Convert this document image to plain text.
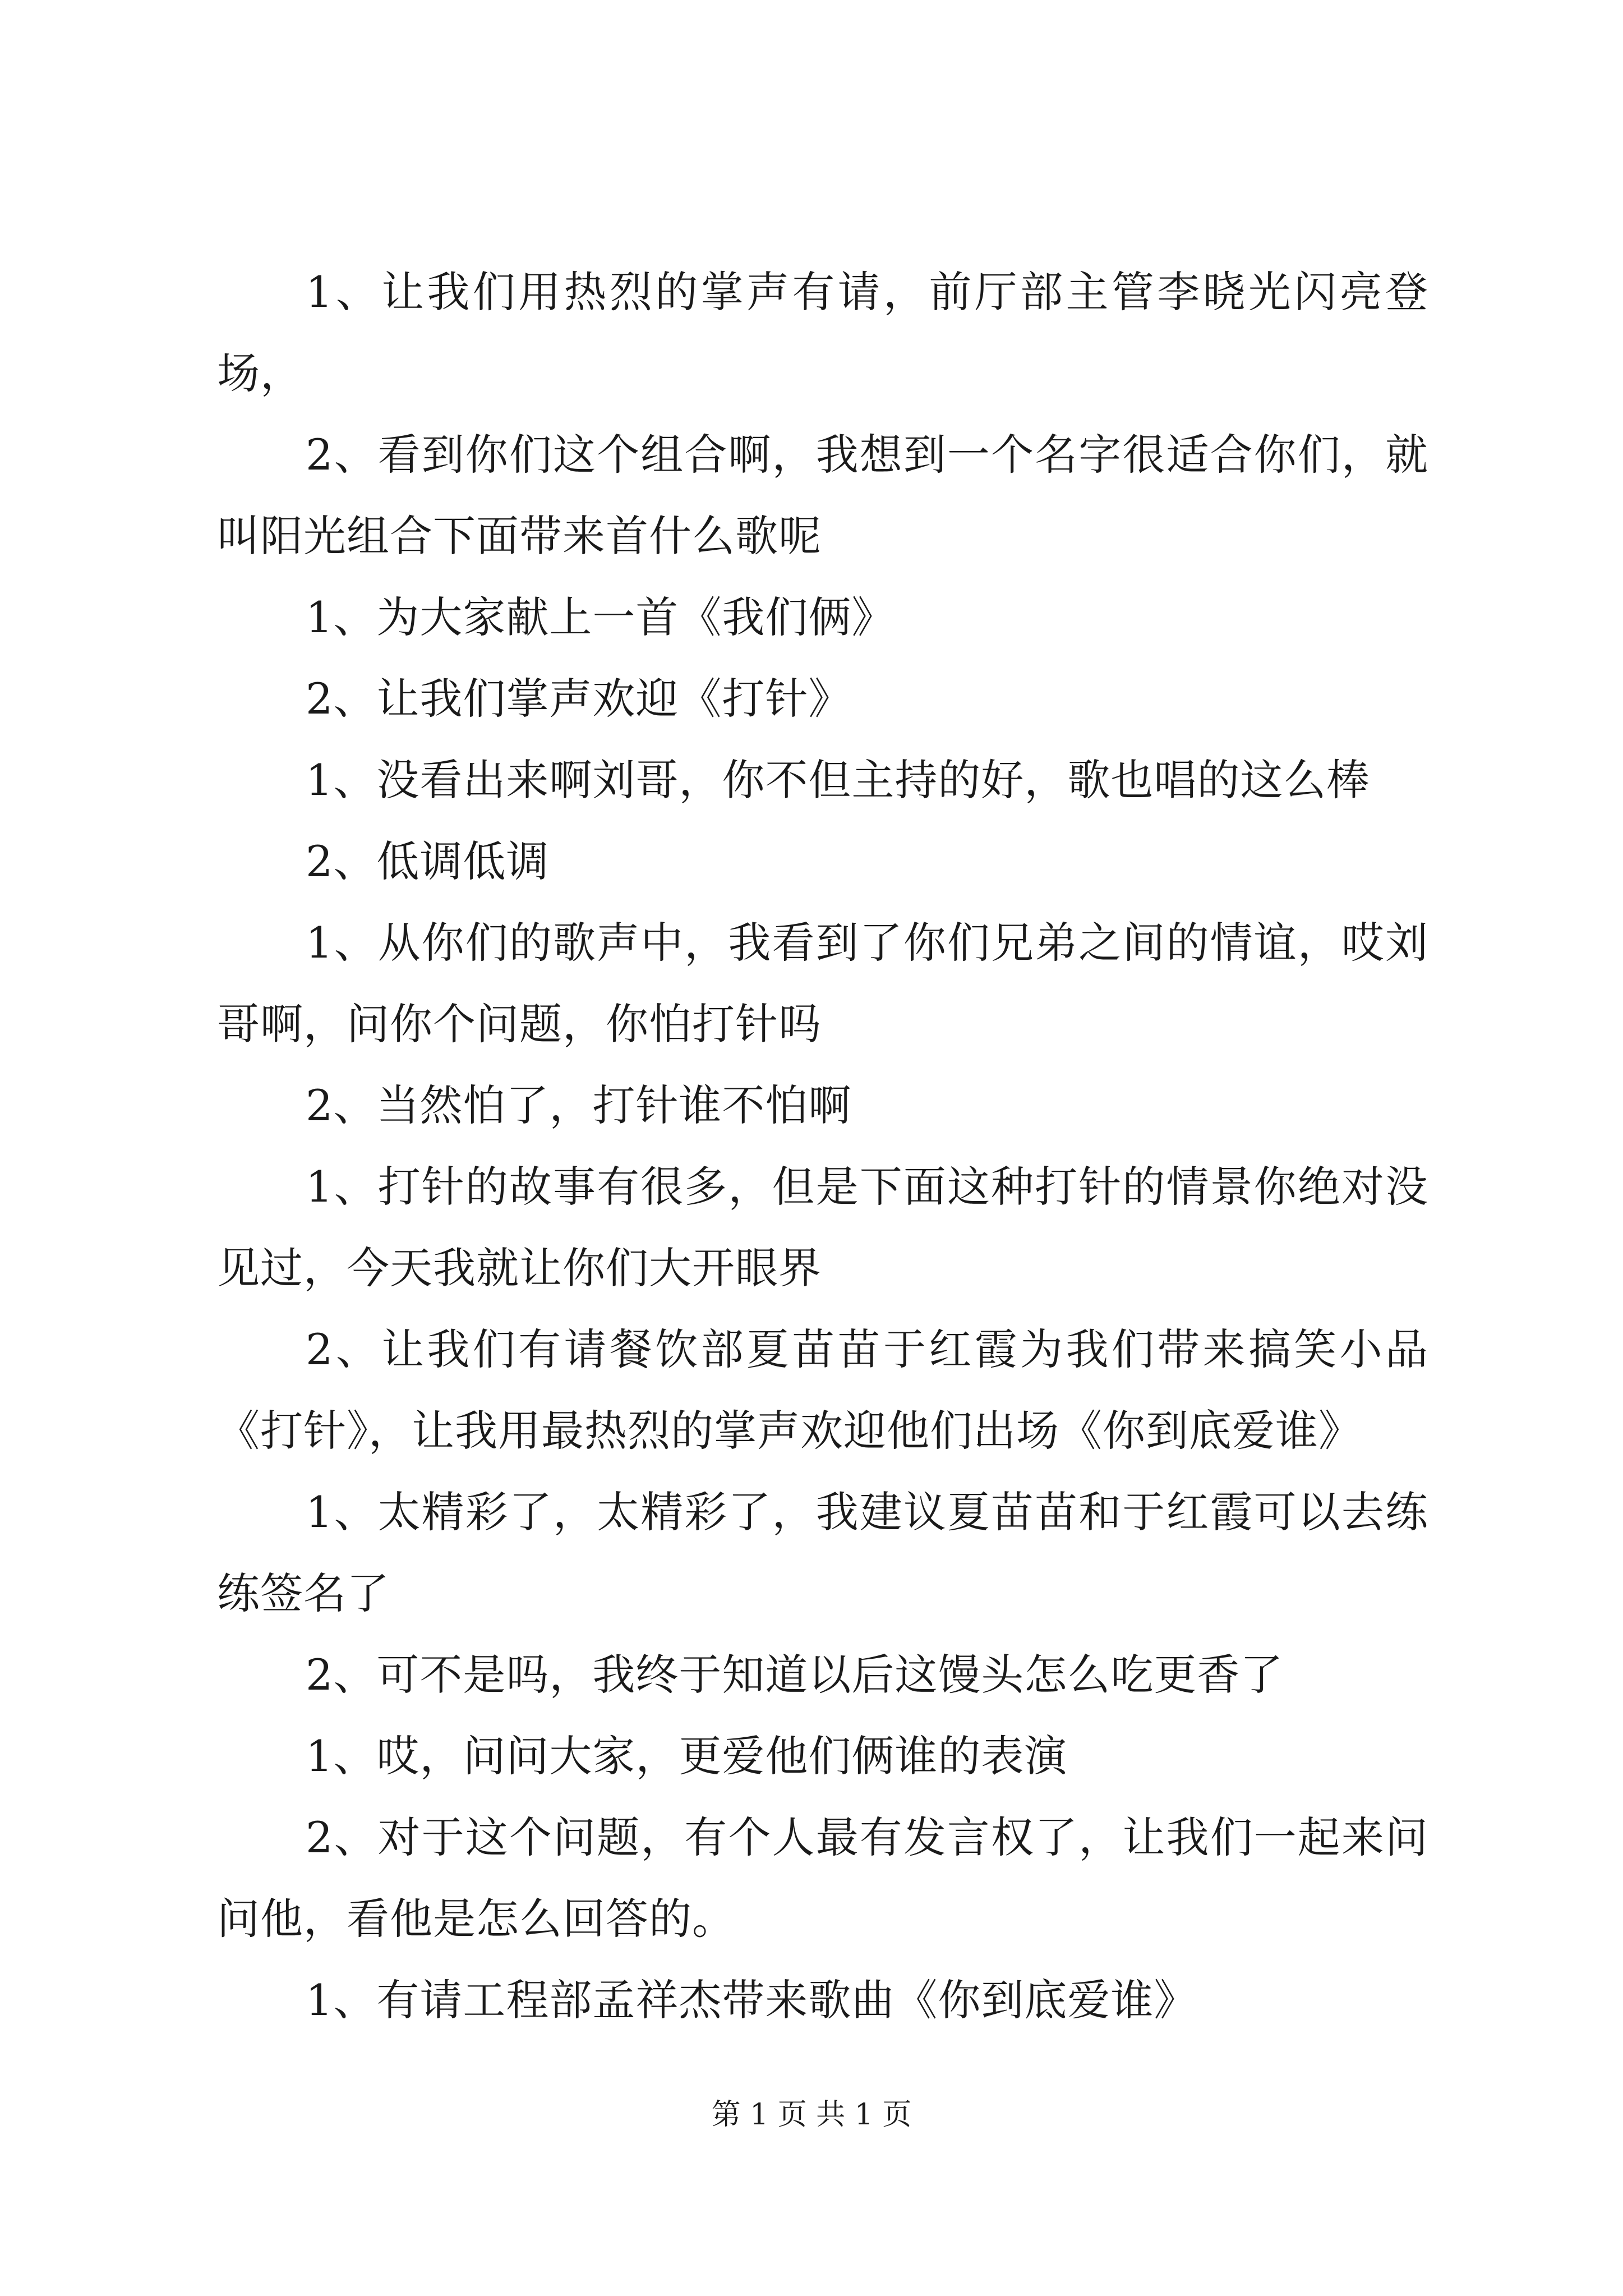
1、让我们用热烈的掌声有请，前厅部主管李晓光闪亮登场，

2、看到你们这个组合啊，我想到一个名字很适合你们，就叫阳光组合下面带来首什么歌呢

1、为大家献上一首《我们俩》

2、让我们掌声欢迎《打针》

1、没看出来啊刘哥，你不但主持的好，歌也唱的这么棒

2、低调低调

1、从你们的歌声中，我看到了你们兄弟之间的情谊，哎刘哥啊，问你个问题，你怕打针吗

2、当然怕了，打针谁不怕啊

1、打针的故事有很多，但是下面这种打针的情景你绝对没见过，今天我就让你们大开眼界

2、让我们有请餐饮部夏苗苗于红霞为我们带来搞笑小品《打针》，让我用最热烈的掌声欢迎他们出场《你到底爱谁》

1、太精彩了，太精彩了，我建议夏苗苗和于红霞可以去练练签名了

2、可不是吗，我终于知道以后这馒头怎么吃更香了

1、哎，问问大家，更爱他们俩谁的表演

2、对于这个问题，有个人最有发言权了，让我们一起来问问他，看他是怎么回答的。

1、有请工程部孟祥杰带来歌曲《你到底爱谁》

第 1 页 共 1 页
